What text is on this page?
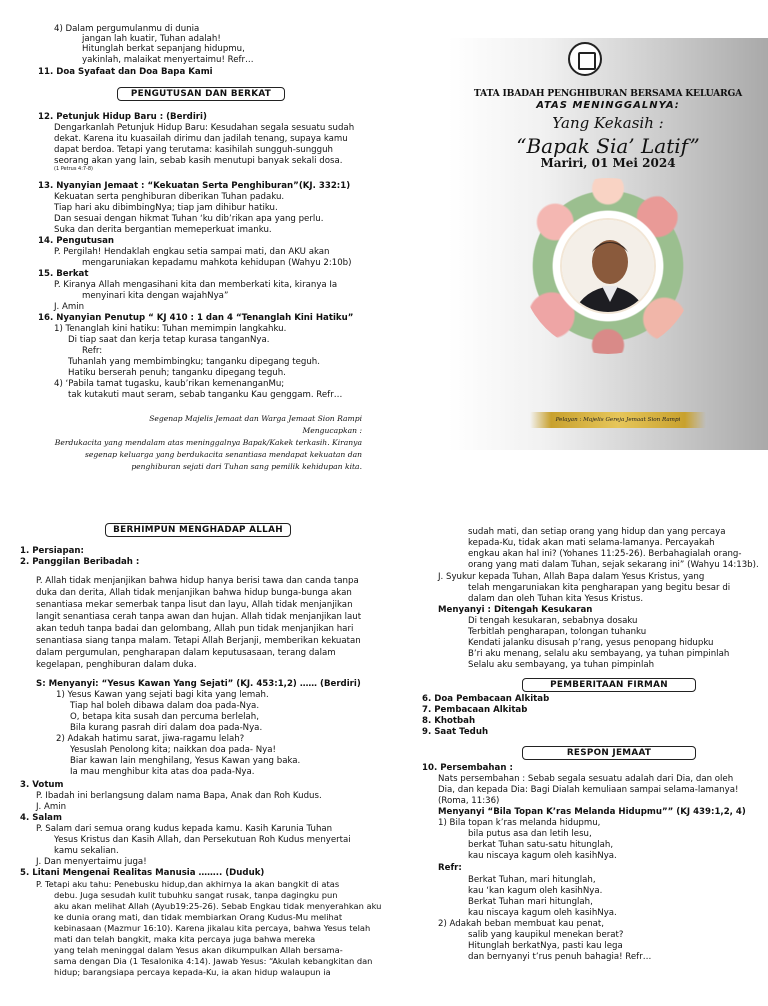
4) Dalam pergumulanmu di dunia
jangan lah kuatir, Tuhan adalah!
Hitunglah berkat sepanjang hidupmu,
yakinlah, malaikat menyertaimu! Refr…
11. Doa Syafaat dan Doa Bapa Kami
PENGUTUSAN DAN BERKAT
12. Petunjuk Hidup Baru : (Berdiri)
Dengarkanlah Petunjuk Hidup Baru: Kesudahan segala sesuatu sudah
dekat. Karena itu kuasailah dirimu dan jadilah tenang, supaya kamu
dapat berdoa. Tetapi yang terutama: kasihilah sungguh-sungguh
seorang akan yang lain, sebab kasih menutupi banyak sekali dosa.
(1 Petrus 4:7-8)
13. Nyanyian Jemaat : “Kekuatan Serta Penghiburan”(KJ. 332:1)
Kekuatan serta penghiburan diberikan Tuhan padaku.
Tiap hari aku dibimbingNya; tiap jam dihibur hatiku.
Dan sesuai dengan hikmat Tuhan ‘ku dib’rikan apa yang perlu.
Suka dan derita bergantian memeperkuat imanku.
14. Pengutusan
P. Pergilah! Hendaklah engkau setia sampai mati, dan AKU akan
mengaruniakan kepadamu mahkota kehidupan (Wahyu 2:10b)
15. Berkat
P. Kiranya Allah mengasihani kita dan memberkati kita, kiranya Ia
menyinari kita dengan wajahNya”
J. Amin
16. Nyanyian Penutup “ KJ 410 : 1 dan 4 “Tenanglah Kini Hatiku”
1) Tenanglah kini hatiku: Tuhan memimpin langkahku.
Di tiap saat dan kerja tetap kurasa tanganNya.
Refr:
Tuhanlah yang membimbingku; tanganku dipegang teguh.
Hatiku berserah penuh; tanganku dipegang teguh.
4) ‘Pabila tamat tugasku, kaub’rikan kemenanganMu;
tak kutakuti maut seram, sebab tanganku Kau genggam. Refr…
Segenap Majelis Jemaat dan Warga Jemaat Sion Rampi
Mengucapkan :
Berdukacita yang mendalam atas meninggalnya Bapak/Kakek terkasih. Kiranya
segenap keluarga yang berdukacita senantiasa mendapat kekuatan dan
penghiburan sejati dari Tuhan sang pemilik kehidupan kita.
TATA IBADAH PENGHIBURAN BERSAMA KELUARGA
ATAS MENINGGALNYA:
Yang Kekasih :
“Bapak Sia’ Latif”
Mariri, 01 Mei 2024
Pelayan : Majelis Gereja Jemaat Sion Rampi
BERHIMPUN MENGHADAP ALLAH
1. Persiapan:
2. Panggilan Beribadah :
P. Allah tidak menjanjikan bahwa hidup hanya berisi tawa dan canda tanpa
duka dan derita, Allah tidak menjanjikan bahwa hidup bunga-bunga akan
senantiasa mekar semerbak tanpa lisut dan layu, Allah tidak menjanjikan
langit senantiasa cerah tanpa awan dan hujan. Allah tidak menjanjikan laut
akan teduh tanpa badai dan gelombang, Allah pun tidak menjanjikan hari
senantiasa siang tanpa malam. Tetapi Allah Berjanji, memberikan kekuatan
dalam pergumulan, pengharapan dalam keputusasaan, terang dalam
kegelapan, penghiburan dalam duka.
S: Menyanyi: “Yesus Kawan Yang Sejati” (KJ. 453:1,2) …… (Berdiri)
1) Yesus Kawan yang sejati bagi kita yang lemah.
Tiap hal boleh dibawa dalam doa pada-Nya.
O, betapa kita susah dan percuma berlelah,
Bila kurang pasrah diri dalam doa pada-Nya.
2) Adakah hatimu sarat, jiwa-ragamu lelah?
Yesuslah Penolong kita; naikkan doa pada- Nya!
Biar kawan lain menghilang, Yesus Kawan yang baka.
Ia mau menghibur kita atas doa pada-Nya.
3. Votum
P. Ibadah ini berlangsung dalam nama Bapa, Anak dan Roh Kudus.
J. Amin
4. Salam
P. Salam dari semua orang kudus kepada kamu. Kasih Karunia Tuhan
Yesus Kristus dan Kasih Allah, dan Persekutuan Roh Kudus menyertai
kamu sekalian.
J. Dan menyertaimu juga!
5. Litani Mengenai Realitas Manusia …….. (Duduk)
P. Tetapi aku tahu: Penebusku hidup,dan akhirnya Ia akan bangkit di atas
debu. Juga sesudah kulit tubuhku sangat rusak, tanpa dagingku pun
aku akan melihat Allah (Ayub19:25-26). Sebab Engkau tidak menyerahkan aku
ke dunia orang mati, dan tidak membiarkan Orang Kudus-Mu melihat
kebinasaan (Mazmur 16:10). Karena jikalau kita percaya, bahwa Yesus telah
mati dan telah bangkit, maka kita percaya juga bahwa mereka
yang telah meninggal dalam Yesus akan dikumpulkan Allah bersama-
sama dengan Dia (1 Tesalonika 4:14). Jawab Yesus: “Akulah kebangkitan dan
hidup; barangsiapa percaya kepada-Ku, ia akan hidup walaupun ia
sudah mati, dan setiap orang yang hidup dan yang percaya
kepada-Ku, tidak akan mati selama-lamanya. Percayakah
engkau akan hal ini? (Yohanes 11:25-26). Berbahagialah orang-
orang yang mati dalam Tuhan, sejak sekarang ini” (Wahyu 14:13b).
J. Syukur kepada Tuhan, Allah Bapa dalam Yesus Kristus, yang
telah mengaruniakan kita pengharapan yang begitu besar di
dalam dan oleh Tuhan kita Yesus Kristus.
Menyanyi : Ditengah Kesukaran
Di tengah kesukaran, sebabnya dosaku
Terbitlah pengharapan, tolongan tuhanku
Kendati jalanku disusah p’rang, yesus penopang hidupku
B’ri aku menang, selalu aku sembayang, ya tuhan pimpinlah
Selalu aku sembayang, ya tuhan pimpinlah
PEMBERITAAN FIRMAN
6. Doa Pembacaan Alkitab
7. Pembacaan Alkitab
8. Khotbah
9. Saat Teduh
RESPON JEMAAT
10. Persembahan :
Nats persembahan : Sebab segala sesuatu adalah dari Dia, dan oleh
Dia, dan kepada Dia: Bagi Dialah kemuliaan sampai selama-lamanya!
(Roma, 11:36)
Menyanyi “Bila Topan K’ras Melanda Hidupmu”” (KJ 439:1,2, 4)
1) Bila topan k’ras melanda hidupmu,
bila putus asa dan letih lesu,
berkat Tuhan satu-satu hitunglah,
kau niscaya kagum oleh kasihNya.
Refr:
Berkat Tuhan, mari hitunglah,
kau ‘kan kagum oleh kasihNya.
Berkat Tuhan mari hitunglah,
kau niscaya kagum oleh kasihNya.
2) Adakah beban membuat kau penat,
salib yang kaupikul menekan berat?
Hitunglah berkatNya, pasti kau lega
dan bernyanyi t’rus penuh bahagia! Refr…
